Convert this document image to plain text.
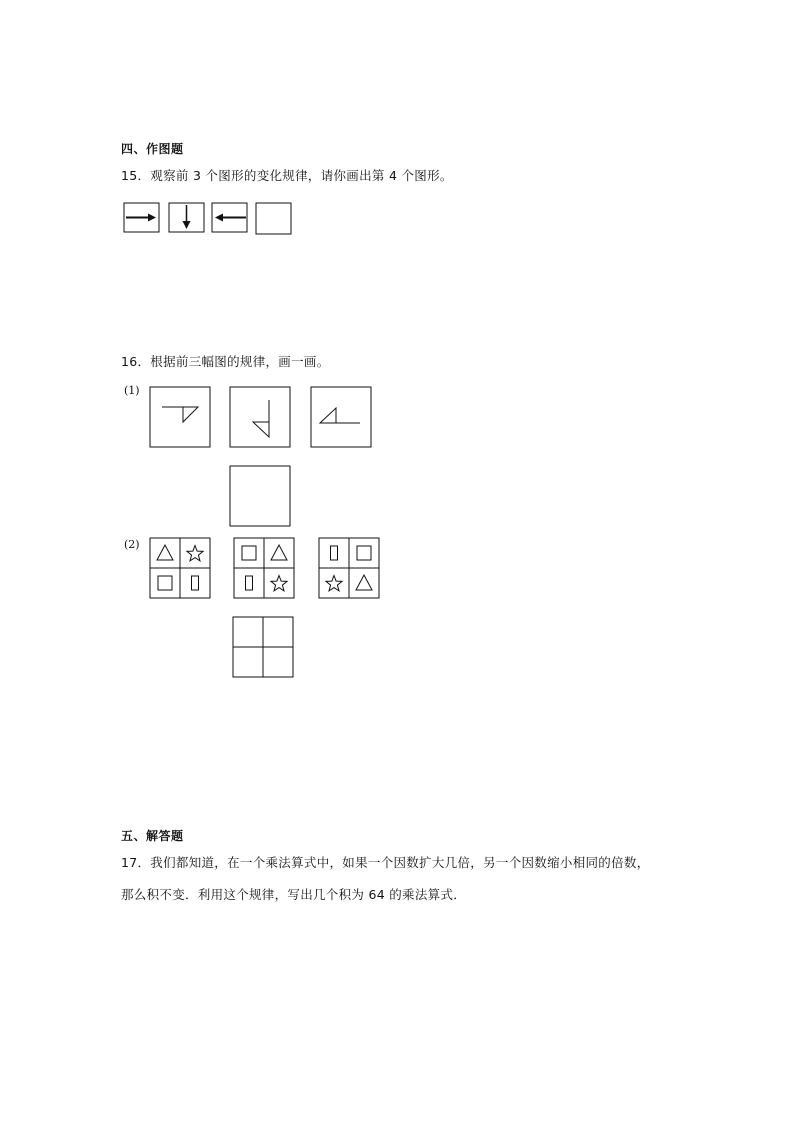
四、作图题
15．观察前 3 个图形的变化规律，请你画出第 4 个图形。
16．根据前三幅图的规律，画一画。
(1)
(2)
五、解答题
17．我们都知道，在一个乘法算式中，如果一个因数扩大几倍，另一个因数缩小相同的倍数，
那么积不变．利用这个规律，写出几个积为 64 的乘法算式．
